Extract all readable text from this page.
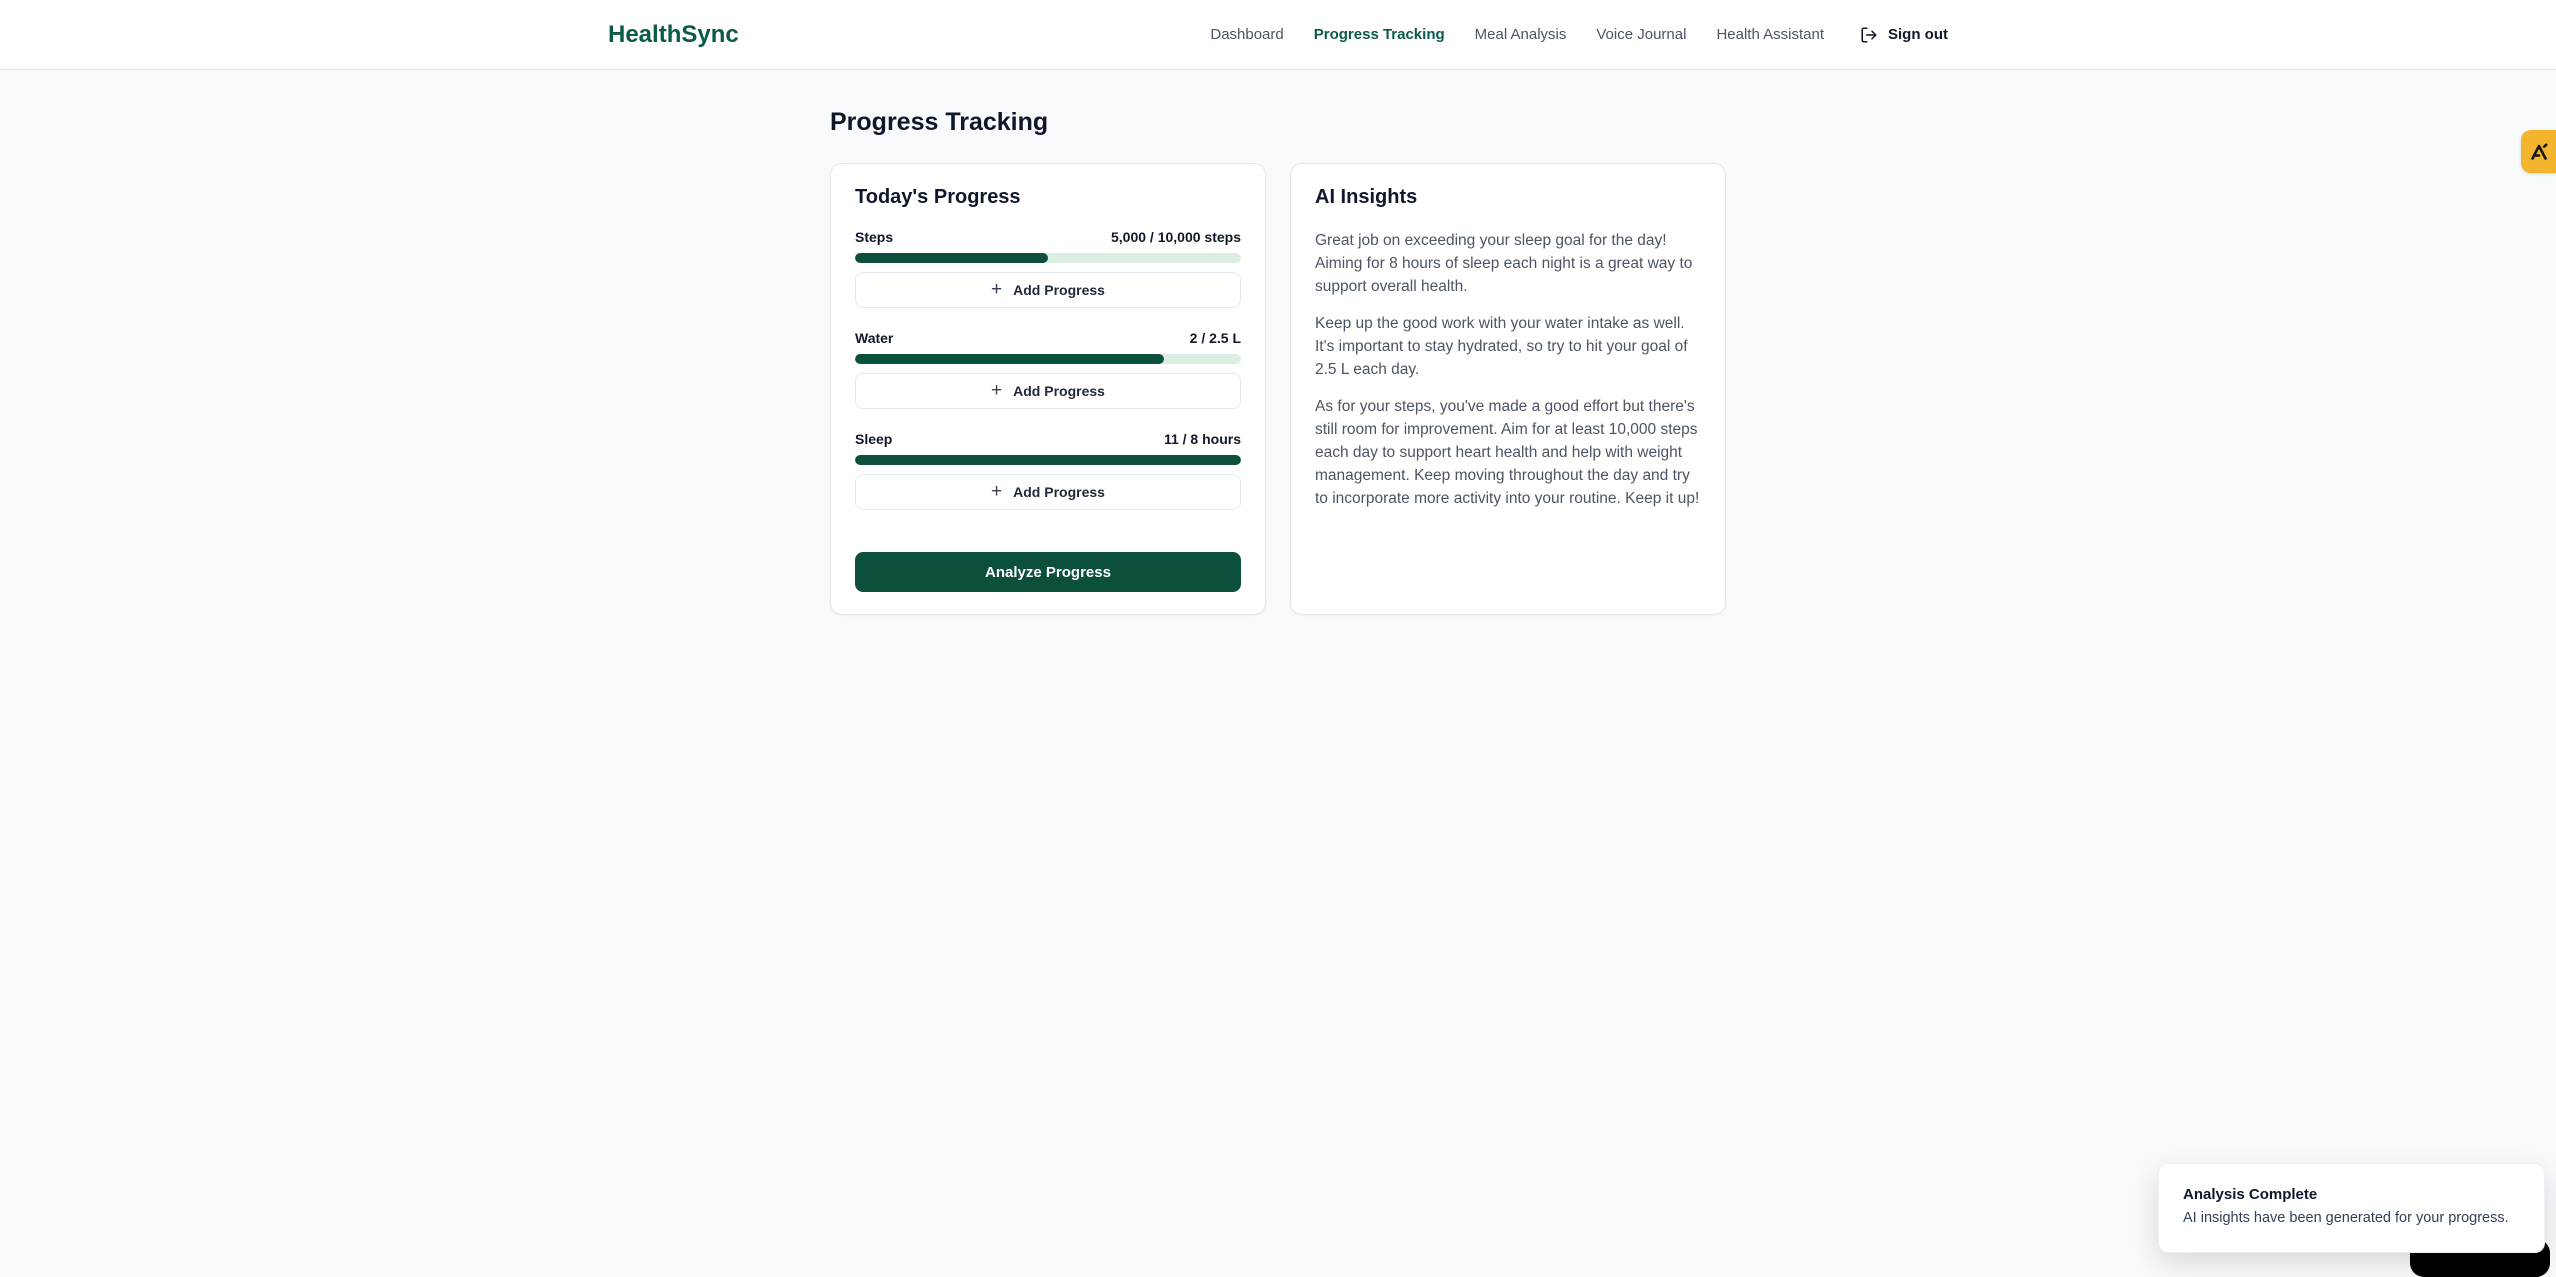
HealthSync	Dashboard Progress Tracking Meal Analysis Voice Journal Health Assistant	Sign out
Progress Tracking
Today's Progress
Steps	5,000 / 10,000 steps
+ Add Progress
Water	2 / 2.5 L
+ Add Progress
Sleep	11 / 8 hours
+ Add Progress
Analyze Progress
AI Insights

Great job on exceeding your sleep goal for the day! Aiming for 8 hours of sleep each night is a great way to support overall health.

Keep up the good work with your water intake as well. It's important to stay hydrated, so try to hit your goal of 2.5 L each day.

As for your steps, you've made a good effort but there's still room for improvement. Aim for at least 10,000 steps each day to support heart health and help with weight management. Keep moving throughout the day and try to incorporate more activity into your routine. Keep it up!

Analysis Complete
AI insights have been generated for your progress.
